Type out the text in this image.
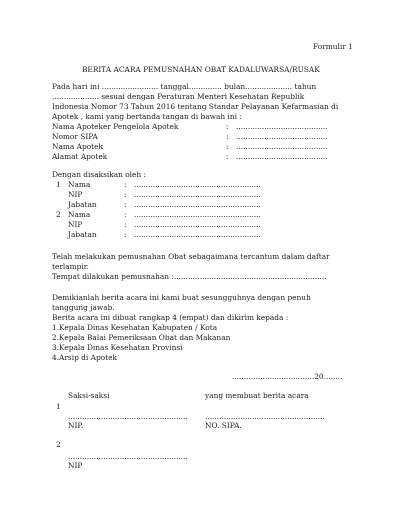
Formulir 1
BERITA ACARA PEMUSNAHAN OBAT KADALUWARSA/RUSAK
Pada hari ini ........................ tanggal.............. bulan.................... tahun
.................... sesuai dengan Peraturan Menteri Kesehatan Republik
Indonesia Nomor 73 Tahun 2016 tentang Standar Pelayanan Kefarmasian di
Apotek , kami yang bertanda tangan di bawah ini :
Nama Apoteker Pengelola Apotek	: .......................................
Nomor SIPA	: .......................................
Nama Apotek	: .......................................
Alamat Apotek	: .......................................
Dengan disaksikan oleh :
1 Nama	: ......................................................
NIP	: ......................................................
Jabatan	: ......................................................
2 Nama	: ......................................................
NIP	: ......................................................
Jabatan	: ......................................................
Telah melakukan pemusnahan Obat sebagaimana tercantum dalam daftar
terlampir.
Tempat dilakukan pemusnahan :.................................................................
Demikianlah berita acara ini kami buat sesungguhnya dengan penuh
tanggung jawab.
Berita acara ini dibuat rangkap 4 (empat) dan dikirim kepada :
1.Kepala Dinas Kesehatan Kabupaten / Kota
2.Kepala Balai Pemeriksaan Obat dan Makanan
3.Kepala Dinas Kesehatan Provinsi
4.Arsip di Apotek
...................................20........
Saksi-saksi	yang membuat berita acara
1
................................................... ...................................................
NIP.	NO. SIPA.
2
...................................................
NIP
